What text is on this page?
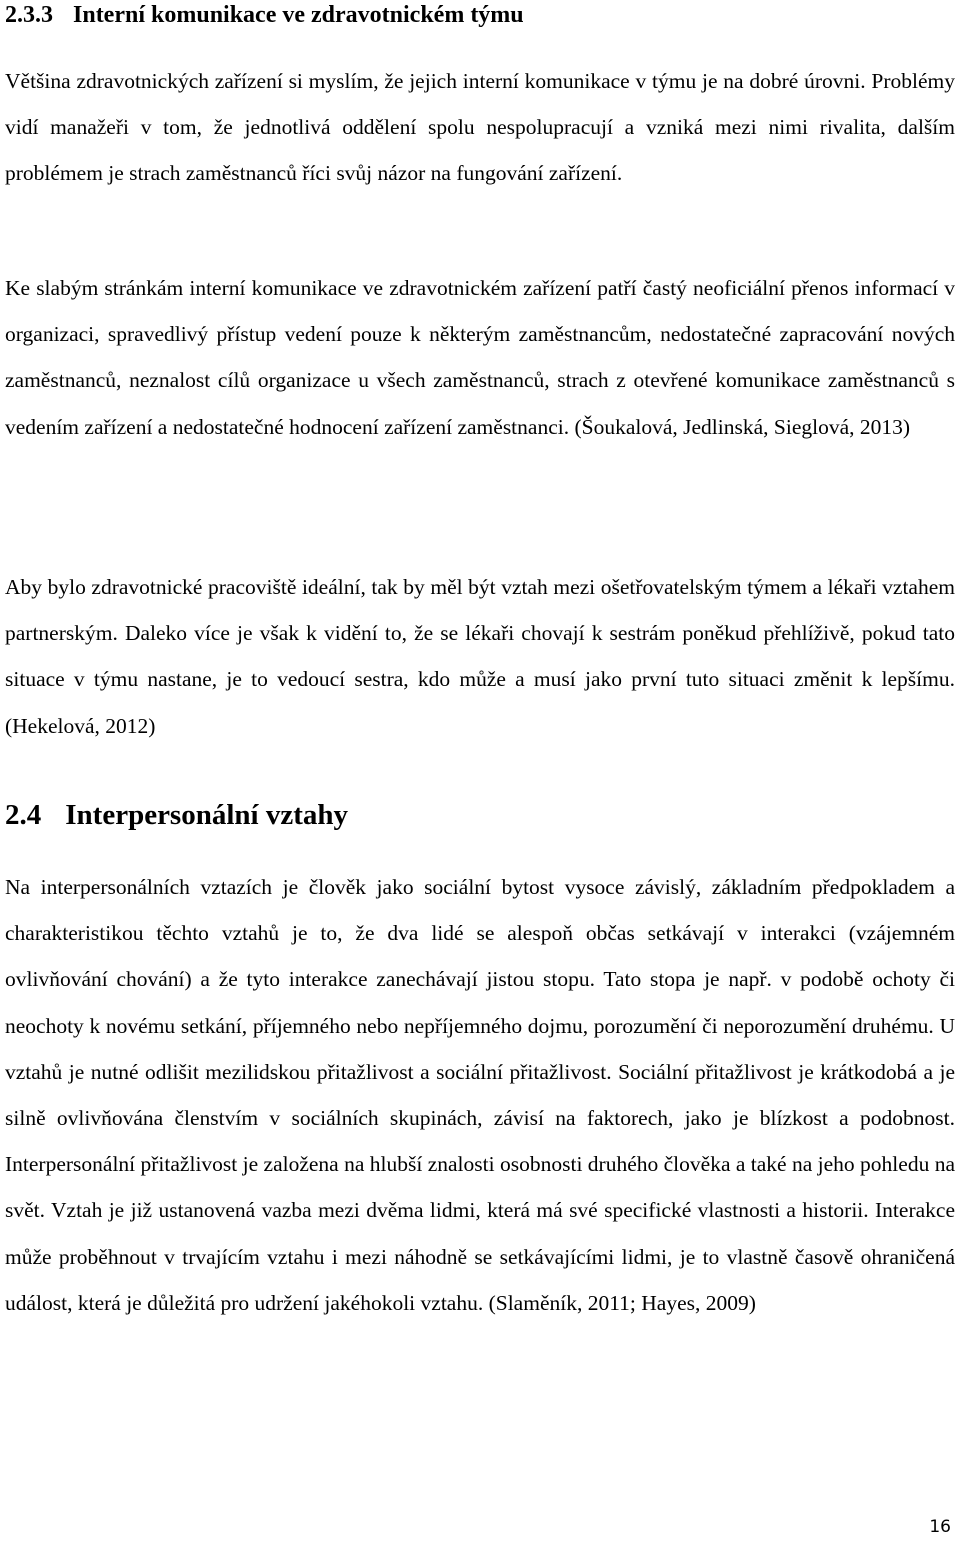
2.3.3 Interní komunikace ve zdravotnickém týmu

Většina zdravotnických zařízení si myslím, že jejich interní komunikace v týmu je na dobré úrovni. Problémy vidí manažeři v tom, že jednotlivá oddělení spolu nespolupracují a vzniká mezi nimi rivalita, dalším problémem je strach zaměstnanců říci svůj názor na fungování zařízení.

Ke slabým stránkám interní komunikace ve zdravotnickém zařízení patří častý neoficiální přenos informací v organizaci, spravedlivý přístup vedení pouze k některým zaměstnancům, nedostatečné zapracování nových zaměstnanců, neznalost cílů organizace u všech zaměstnanců, strach z otevřené komunikace zaměstnanců s vedením zařízení a nedostatečné hodnocení zařízení zaměstnanci. (Šoukalová, Jedlinská, Sieglová, 2013)

Aby bylo zdravotnické pracoviště ideální, tak by měl být vztah mezi ošetřovatelským týmem a lékaři vztahem partnerským. Daleko více je však k vidění to, že se lékaři chovají k sestrám poněkud přehlíživě, pokud tato situace v týmu nastane, je to vedoucí sestra, kdo může a musí jako první tuto situaci změnit k lepšímu. (Hekelová, 2012)

2.4 Interpersonální vztahy

Na interpersonálních vztazích je člověk jako sociální bytost vysoce závislý, základním předpokladem a charakteristikou těchto vztahů je to, že dva lidé se alespoň občas setkávají v interakci (vzájemném ovlivňování chování) a že tyto interakce zanechávají jistou stopu. Tato stopa je např. v podobě ochoty či neochoty k novému setkání, příjemného nebo nepříjemného dojmu, porozumění či neporozumění druhému. U vztahů je nutné odlišit mezilidskou přitažlivost a sociální přitažlivost. Sociální přitažlivost je krátkodobá a je silně ovlivňována členstvím v sociálních skupinách, závisí na faktorech, jako je blízkost a podobnost. Interpersonální přitažlivost je založena na hlubší znalosti osobnosti druhého člověka a také na jeho pohledu na svět. Vztah je již ustanovená vazba mezi dvěma lidmi, která má své specifické vlastnosti a historii. Interakce může proběhnout v trvajícím vztahu i mezi náhodně se setkávajícími lidmi, je to vlastně časově ohraničená událost, která je důležitá pro udržení jakéhokoli vztahu. (Slaměník, 2011; Hayes, 2009)

16
